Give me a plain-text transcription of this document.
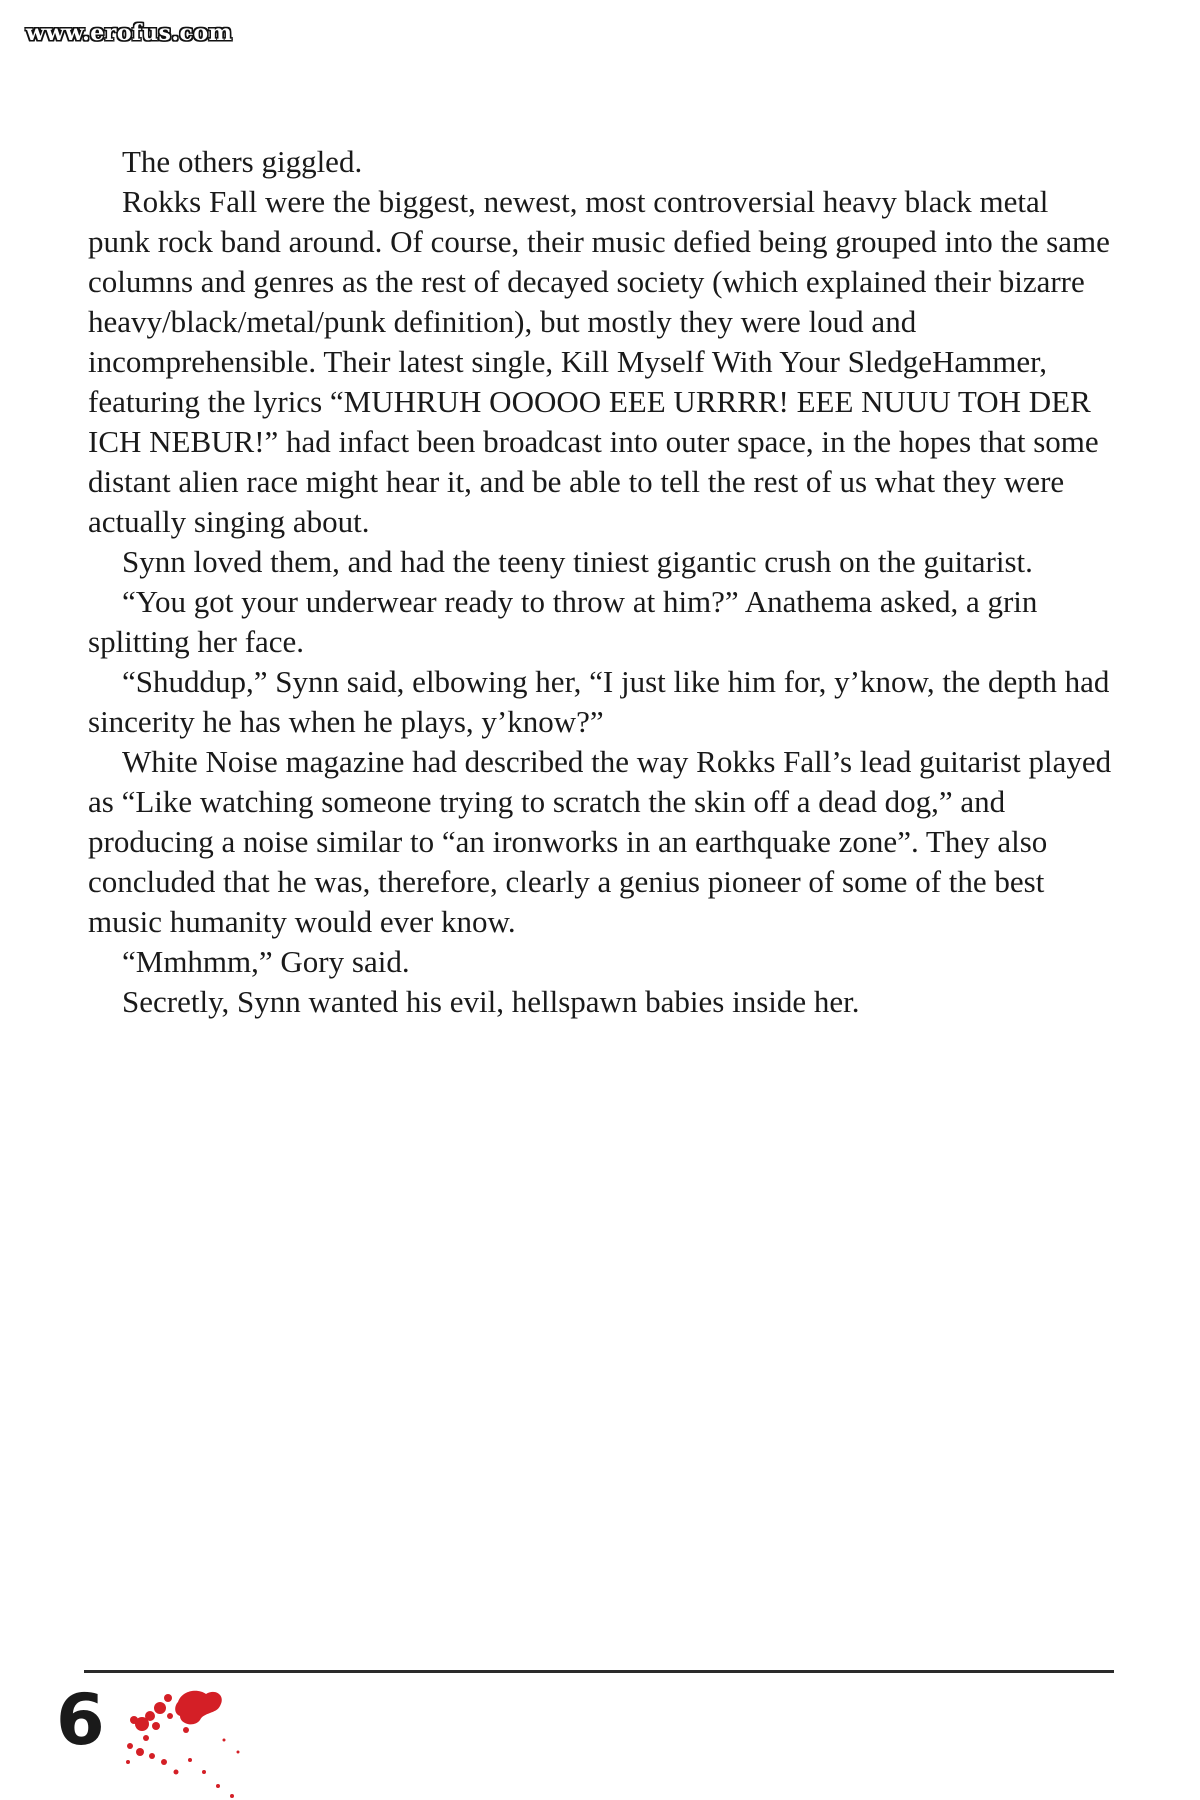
www.erofus.com

The others giggled.

Rokks Fall were the biggest, newest, most controversial heavy black metal punk rock band around. Of course, their music defied being grouped into the same columns and genres as the rest of decayed society (which explained their bizarre heavy/black/metal/punk definition), but mostly they were loud and incomprehensible. Their latest single, Kill Myself With Your SledgeHammer, featuring the lyrics “MUHRUH OOOOO EEE URRRR! EEE NUUU TOH DER ICH NEBUR!” had infact been broadcast into outer space, in the hopes that some distant alien race might hear it, and be able to tell the rest of us what they were actually singing about.

Synn loved them, and had the teeny tiniest gigantic crush on the guitarist.

“You got your underwear ready to throw at him?” Anathema asked, a grin splitting her face.

“Shuddup,” Synn said, elbowing her, “I just like him for, y’know, the depth had sincerity he has when he plays, y’know?”

White Noise magazine had described the way Rokks Fall’s lead guitarist played as “Like watching someone trying to scratch the skin off a dead dog,” and producing a noise similar to “an ironworks in an earthquake zone”. They also concluded that he was, therefore, clearly a genius pioneer of some of the best music humanity would ever know.

“Mmhmm,” Gory said.

Secretly, Synn wanted his evil, hellspawn babies inside her.

6
